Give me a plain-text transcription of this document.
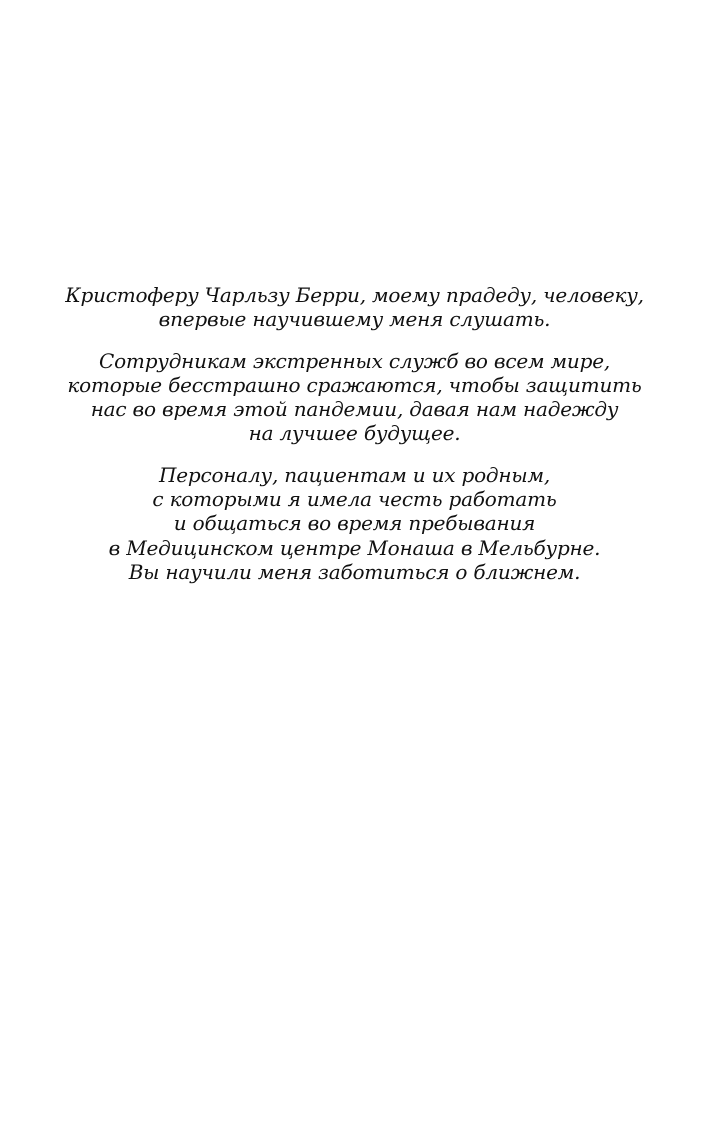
Кристоферу Чарльзу Берри, моему прадеду, человеку,
впервые научившему меня слушать.
Сотрудникам экстренных служб во всем мире,
которые бесстрашно сражаются, чтобы защитить
нас во время этой пандемии, давая нам надежду
на лучшее будущее.
Персоналу, пациентам и их родным,
с которыми я имела честь работать
и общаться во время пребывания
в Медицинском центре Монаша в Мельбурне.
Вы научили меня заботиться о ближнем.
